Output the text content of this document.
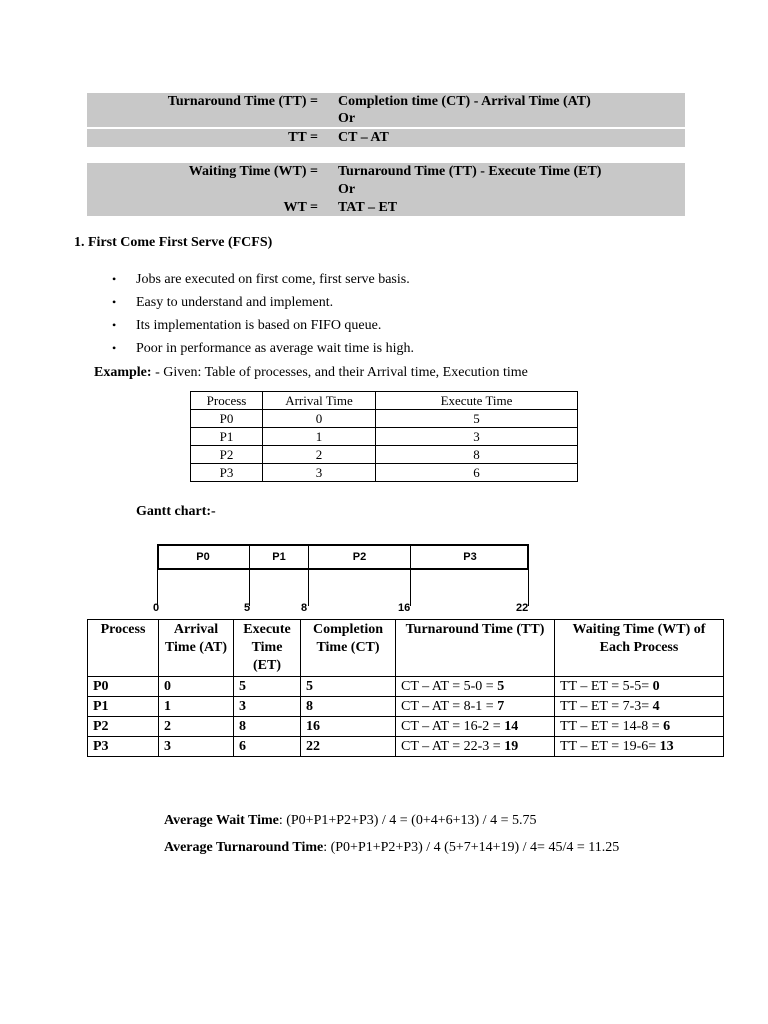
Turnaround Time (TT) = Completion time (CT) - Arrival Time (AT)
Or
TT = CT – AT
Waiting Time (WT) = Turnaround Time (TT) - Execute Time (ET)
Or
WT = TAT – ET
1. First Come First Serve (FCFS)
• Jobs are executed on first come, first serve basis.
• Easy to understand and implement.
• Its implementation is based on FIFO queue.
• Poor in performance as average wait time is high.
Example: - Given: Table of processes, and their Arrival time, Execution time
Process	Arrival Time	Execute Time
P0	0	5
P1	1	3
P2	2	8
P3	3	6
Gantt chart:-
P0	P1	P2	P3
0	5	8	16	22
Process	Arrival Time (AT)	Execute Time (ET)	Completion Time (CT)	Turnaround Time (TT)	Waiting Time (WT) of Each Process
P0	0	5	5	CT – AT = 5-0 = 5	TT – ET = 5-5= 0
P1	1	3	8	CT – AT = 8-1 = 7	TT – ET = 7-3= 4
P2	2	8	16	CT – AT = 16-2 = 14	TT – ET = 14-8 = 6
P3	3	6	22	CT – AT = 22-3 = 19	TT – ET = 19-6= 13
Average Wait Time: (P0+P1+P2+P3) / 4 = (0+4+6+13) / 4 = 5.75
Average Turnaround Time: (P0+P1+P2+P3) / 4 (5+7+14+19) / 4= 45/4 = 11.25
